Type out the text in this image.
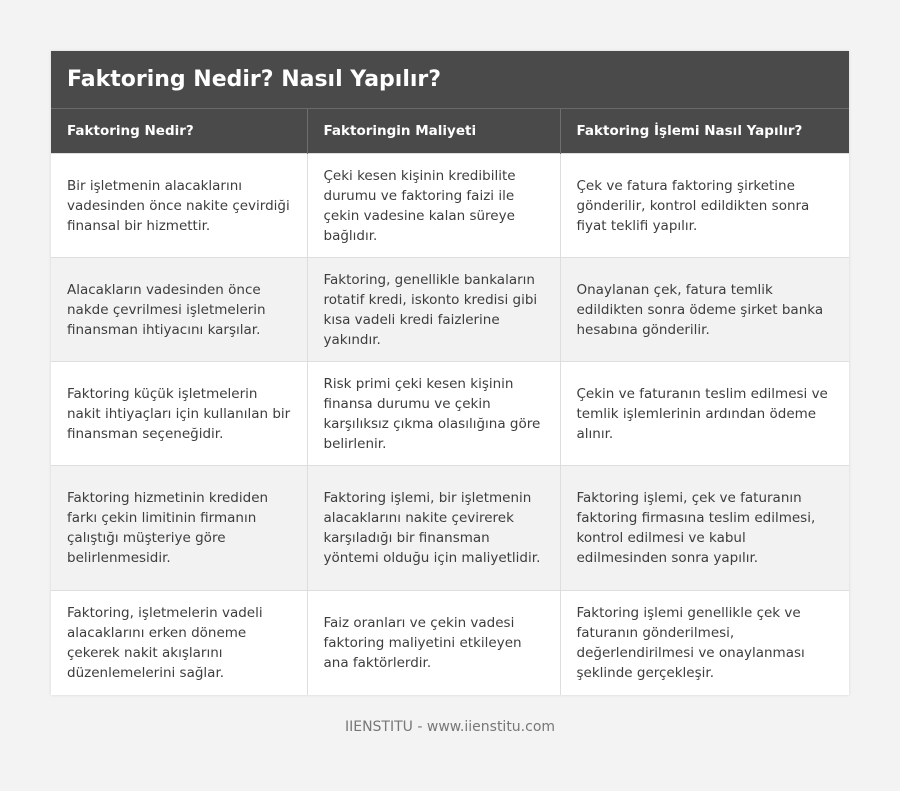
Faktoring Nedir? Nasıl Yapılır?
Faktoring Nedir?	Faktoringin Maliyeti	Faktoring İşlemi Nasıl Yapılır?
Bir işletmenin alacaklarını vadesinden önce nakite çevirdiği finansal bir hizmettir.	Çeki kesen kişinin kredibilite durumu ve faktoring faizi ile çekin vadesine kalan süreye bağlıdır.	Çek ve fatura faktoring şirketine gönderilir, kontrol edildikten sonra fiyat teklifi yapılır.
Alacakların vadesinden önce nakde çevrilmesi işletmelerin finansman ihtiyacını karşılar.	Faktoring, genellikle bankaların rotatif kredi, iskonto kredisi gibi kısa vadeli kredi faizlerine yakındır.	Onaylanan çek, fatura temlik edildikten sonra ödeme şirket banka hesabına gönderilir.
Faktoring küçük işletmelerin nakit ihtiyaçları için kullanılan bir finansman seçeneğidir.	Risk primi çeki kesen kişinin finansa durumu ve çekin karşılıksız çıkma olasılığına göre belirlenir.	Çekin ve faturanın teslim edilmesi ve temlik işlemlerinin ardından ödeme alınır.
Faktoring hizmetinin krediden farkı çekin limitinin firmanın çalıştığı müşteriye göre belirlenmesidir.	Faktoring işlemi, bir işletmenin alacaklarını nakite çevirerek karşıladığı bir finansman yöntemi olduğu için maliyetlidir.	Faktoring işlemi, çek ve faturanın faktoring firmasına teslim edilmesi, kontrol edilmesi ve kabul edilmesinden sonra yapılır.
Faktoring, işletmelerin vadeli alacaklarını erken döneme çekerek nakit akışlarını düzenlemelerini sağlar.	Faiz oranları ve çekin vadesi faktoring maliyetini etkileyen ana faktörlerdir.	Faktoring işlemi genellikle çek ve faturanın gönderilmesi, değerlendirilmesi ve onaylanması şeklinde gerçekleşir.
IIENSTITU - www.iienstitu.com
